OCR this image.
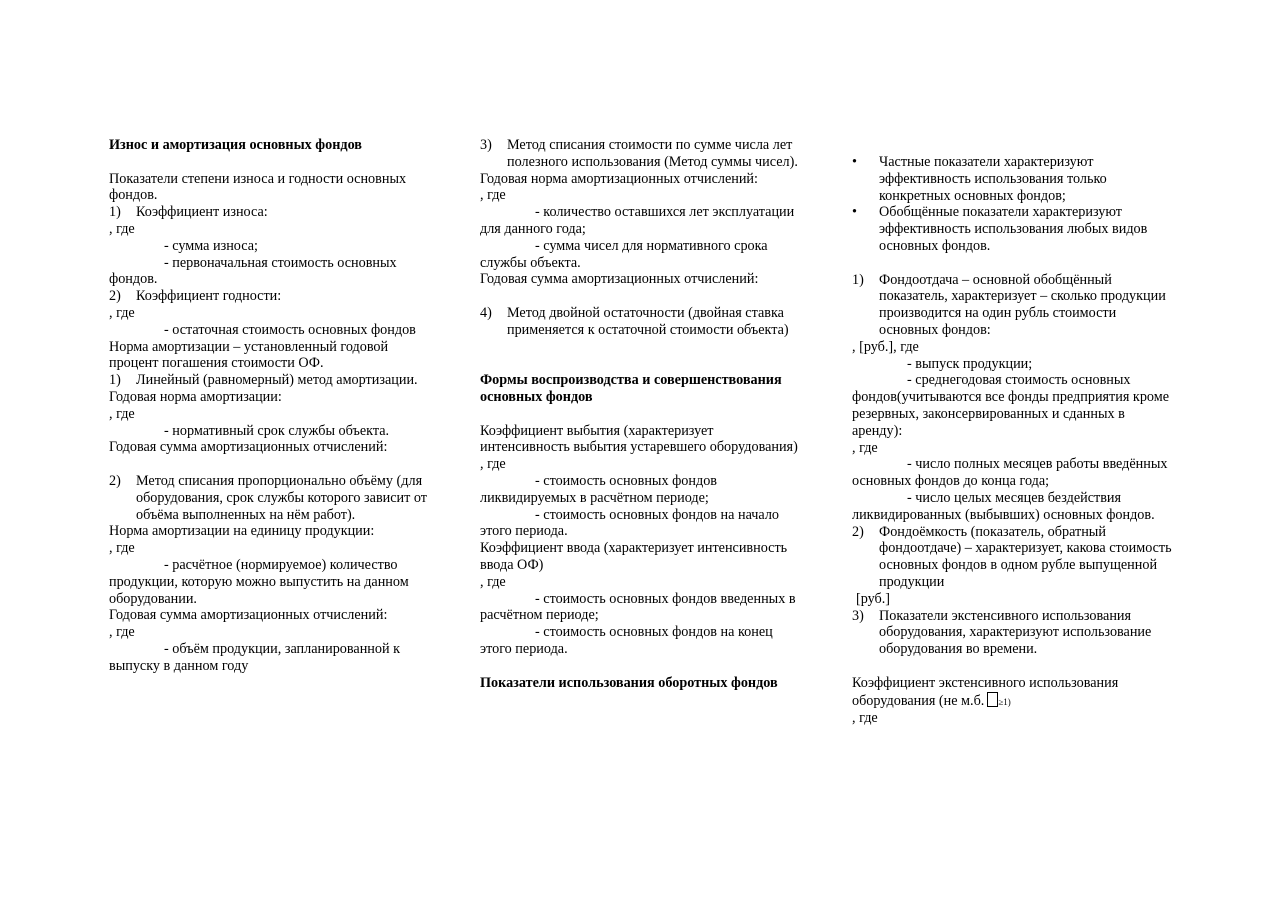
Износ и амортизация основных фондов

Показатели степени износа и годности основных фондов.

1) Коэффициент износа:

, где

- сумма износа;

- первоначальная стоимость основных фондов.

2) Коэффициент годности:

, где

- остаточная стоимость основных фондов

Норма амортизации – установленный годовой процент погашения стоимости ОФ.

1) Линейный (равномерный) метод амортизации.

Годовая норма амортизации:

, где

- нормативный срок службы объекта.

Годовая сумма амортизационных отчислений:

2) Метод списания пропорционально объёму (для оборудования, срок службы которого зависит от объёма выполненных на нём работ).

Норма амортизации на единицу продукции:

, где

- расчётное (нормируемое) количество продукции, которую можно выпустить на данном оборудовании.

Годовая сумма амортизационных отчислений:

, где

- объём продукции, запланированной к выпуску в данном году

3) Метод списания стоимости по сумме числа лет полезного использования (Метод суммы чисел).

Годовая норма амортизационных отчислений:

, где

- количество оставшихся лет эксплуатации для данного года;

- сумма чисел для нормативного срока службы объекта.

Годовая сумма амортизационных отчислений:

4) Метод двойной остаточности (двойная ставка применяется к остаточной стоимости объекта)

Формы воспроизводства и совершенствования основных фондов

Коэффициент выбытия (характеризует интенсивность выбытия устаревшего оборудования)

, где

- стоимость основных фондов ликвидируемых в расчётном периоде;

- стоимость основных фондов на начало этого периода.

Коэффициент ввода (характеризует интенсивность ввода ОФ)

, где

- стоимость основных фондов введенных в расчётном периоде;

- стоимость основных фондов на конец этого периода.

Показатели использования оборотных фондов

• Частные показатели характеризуют эффективность использования только конкретных основных фондов;

• Обобщённые показатели характеризуют эффективность использования любых видов основных фондов.

1) Фондоотдача – основной обобщённый показатель, характеризует – сколько продукции производится на один рубль стоимости основных фондов:

, [руб.], где

- выпуск продукции;

- среднегодовая стоимость основных фондов(учитываются все фонды предприятия кроме резервных, законсервированных и сданных в аренду):

, где

- число полных месяцев работы введённых основных фондов до конца года;

- число целых месяцев бездействия ликвидированных (выбывших) основных фондов.

2) Фондоёмкость (показатель, обратный фондоотдаче) – характеризует, какова стоимость основных фондов в одном рубле выпущенной продукции

[руб.]

3) Показатели экстенсивного использования оборудования, характеризуют использование оборудования во времени.

Коэффициент экстенсивного использования оборудования (не м.б. ≥1)

, где
